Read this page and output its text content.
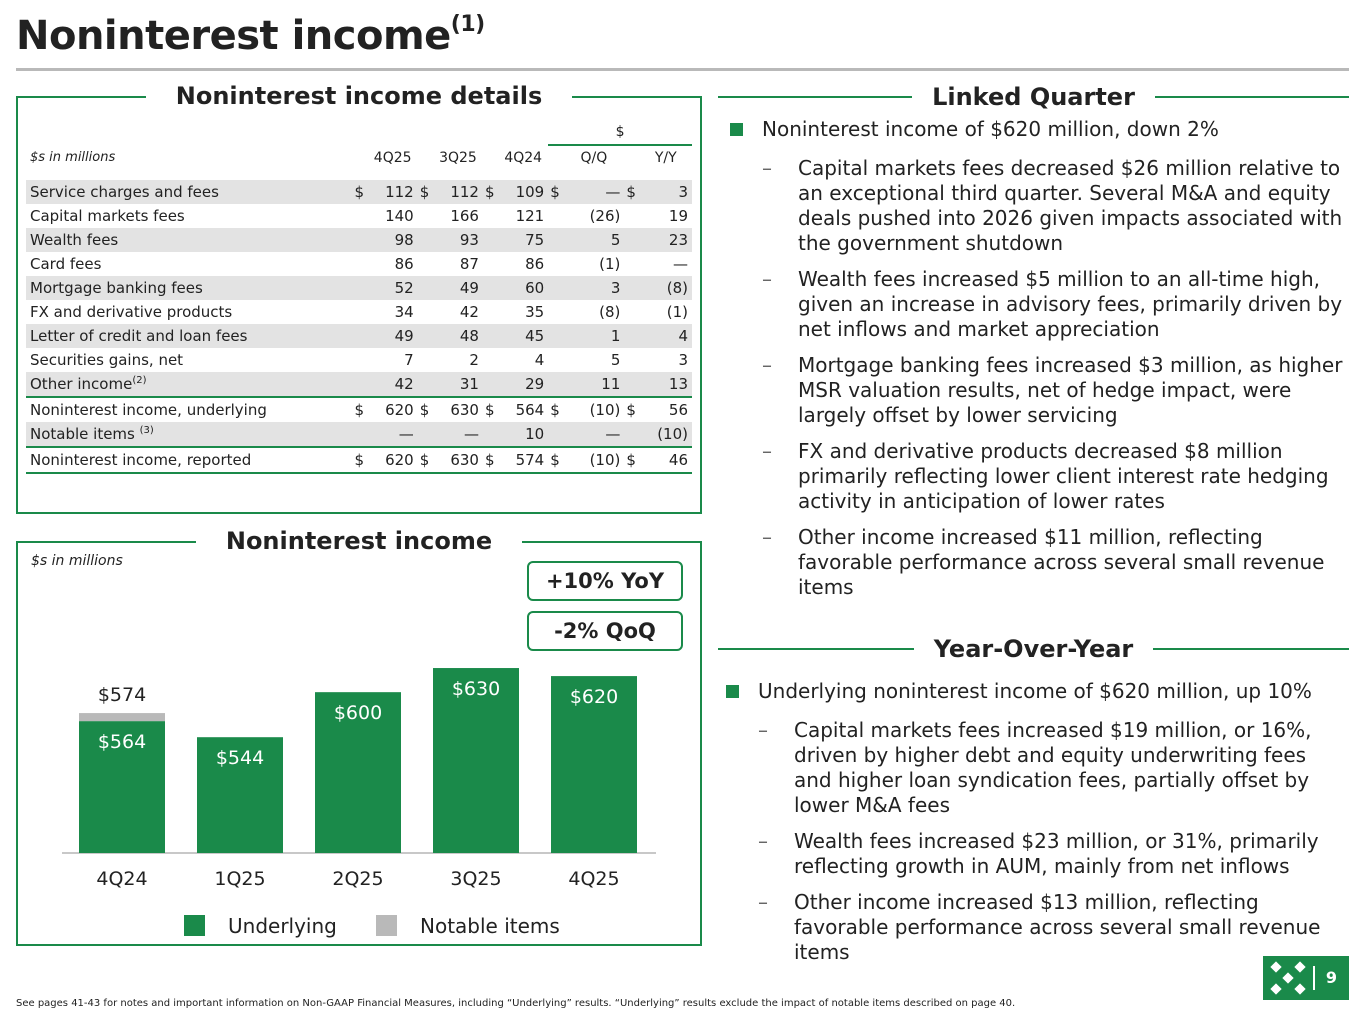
Noninterest income$^{(1)}$
Noninterest income details
							$			
$s in millions		4Q25		3Q25		4Q24		Q/Q		Y/Y

Service charges and fees	$	112	$	112	$	109	$	—	$	3
Capital markets fees		140		166		121		(26)		19
Wealth fees		98		93		75		5		23
Card fees		86		87		86		(1)		—
Mortgage banking fees		52		49		60		3		(8)
FX and derivative products		34		42		35		(8)		(1)
Letter of credit and loan fees		49		48		45		1		4
Securities gains, net		7		2		4		5		3
Other income$^{(2)}$		42		31		29		11		13
Noninterest income, underlying	$	620	$	630	$	564	$	(10)	$	56
Notable items $^{(3)}$		—		—		10		—		(10)
Noninterest income, reported	$	620	$	630	$	574	$	(10)	$	46
Noninterest income
$s in millions
+10% YoY
-2% QoQ
$564
$574
4Q24
$544
1Q25
$600
2Q25
$630
3Q25
$620
4Q25
Underlying	Notable items
Linked Quarter
Noninterest income of $620 million, down 2%
– Capital markets fees decreased $26 million relative to an exceptional third quarter. Several M&A and equity deals pushed into 2026 given impacts associated with the government shutdown
– Wealth fees increased $5 million to an all-time high, given an increase in advisory fees, primarily driven by net inflows and market appreciation
– Mortgage banking fees increased $3 million, as higher MSR valuation results, net of hedge impact, were largely offset by lower servicing
– FX and derivative products decreased $8 million primarily reflecting lower client interest rate hedging activity in anticipation of lower rates
– Other income increased $11 million, reflecting favorable performance across several small revenue items
Year-Over-Year
Underlying noninterest income of $620 million, up 10%
– Capital markets fees increased $19 million, or 16%, driven by higher debt and equity underwriting fees and higher loan syndication fees, partially offset by lower M&A fees
– Wealth fees increased $23 million, or 31%, primarily reflecting growth in AUM, mainly from net inflows
– Other income increased $13 million, reflecting favorable performance across several small revenue items
See pages 41-43 for notes and important information on Non-GAAP Financial Measures, including “Underlying” results. “Underlying” results exclude the impact of notable items described on page 40.
9
